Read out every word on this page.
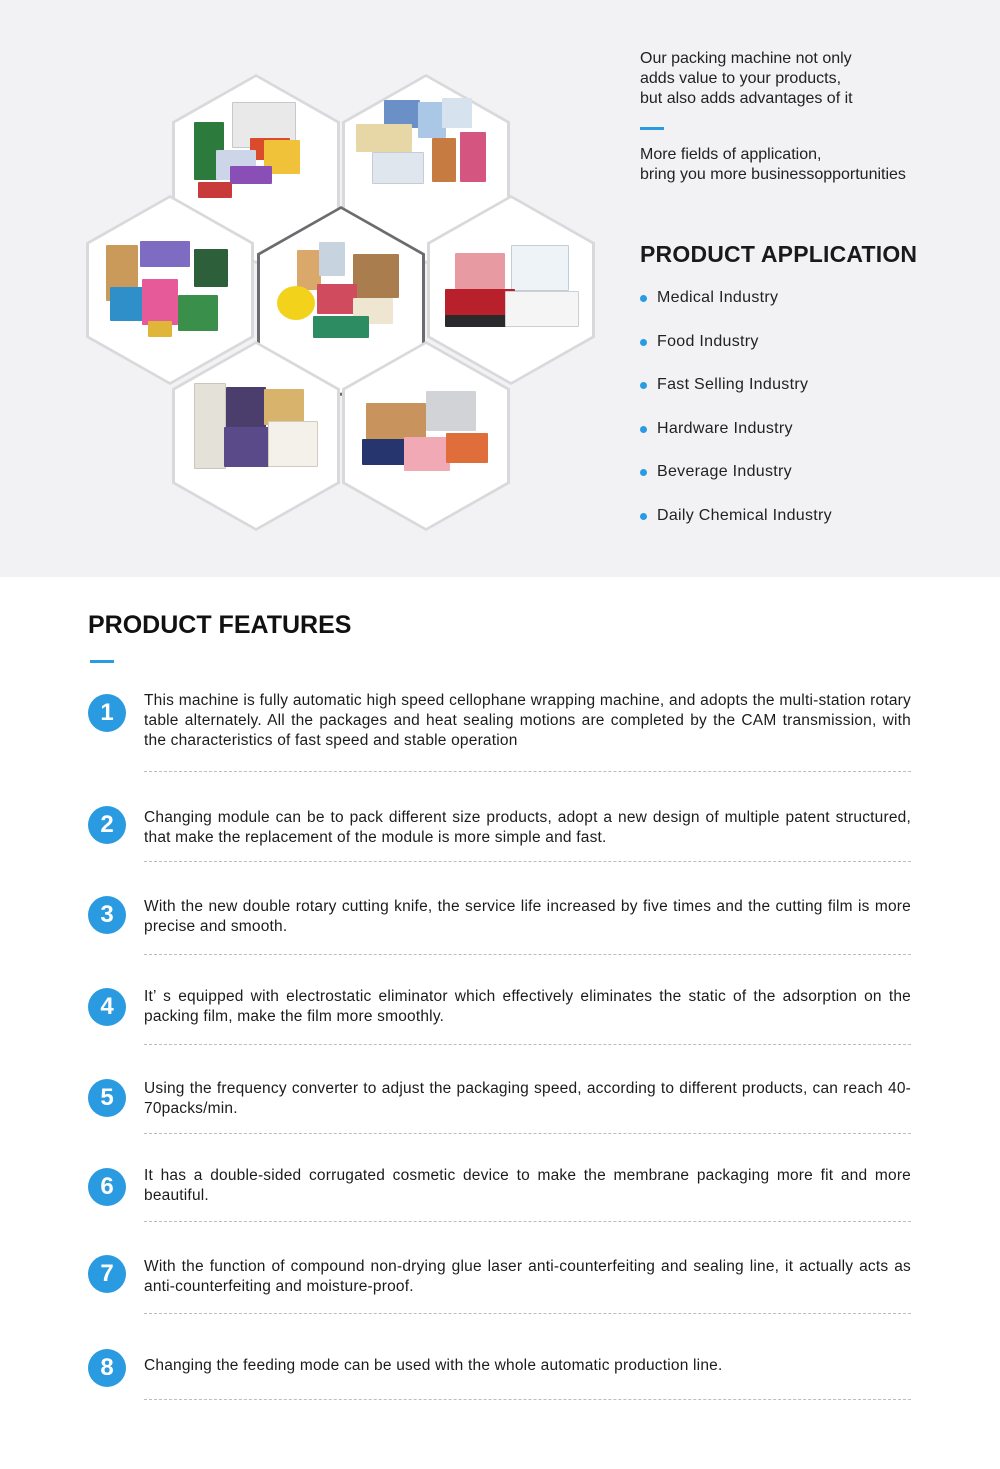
Our packing machine not only
adds value to your products,
but also adds advantages of it

More fields of application,
bring you more businessopportunities

PRODUCT APPLICATION
Medical Industry
Food Industry
Fast Selling Industry
Hardware Industry
Beverage Industry
Daily Chemical Industry
PRODUCT FEATURES
1	This machine is fully automatic high speed cellophane wrapping machine, and adopts the multi-station rotary table alternately. All the packages and heat sealing motions are completed by the CAM transmission, with the characteristics of fast speed and stable operation
2	Changing module can be to pack different size products, adopt a new design of multiple patent structured, that make the replacement of the module is more simple and fast.
3	With the new double rotary cutting knife, the service life increased by five times and the cutting film is more precise and smooth.
4	It’ s equipped with electrostatic eliminator which effectively eliminates the static of the adsorption on the packing film, make the film more smoothly.
5	Using the frequency converter to adjust the packaging speed, according to different products, can reach 40-70packs/min.
6	It has a double-sided corrugated cosmetic device to make the membrane packaging more fit and more beautiful.
7	With the function of compound non-drying glue laser anti-counterfeiting and sealing line, it actually acts as anti-counterfeiting and moisture-proof.
8	Changing the feeding mode can be used with the whole automatic production line.
